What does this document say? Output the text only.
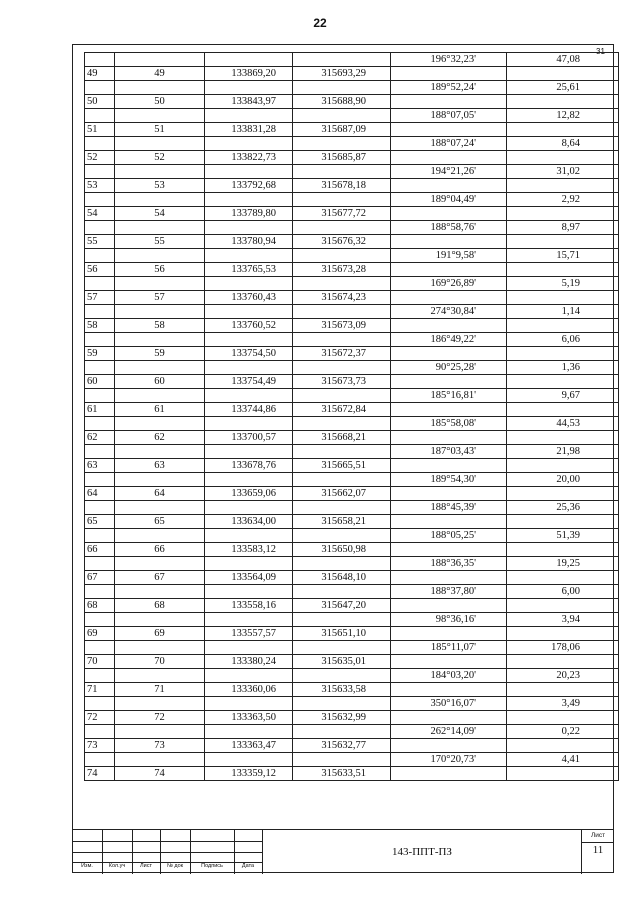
22
31
				196°32,23'	47,08
49	49	133869,20	315693,29		
				189°52,24'	25,61
50	50	133843,97	315688,90		
				188°07,05'	12,82
51	51	133831,28	315687,09		
				188°07,24'	8,64
52	52	133822,73	315685,87		
				194°21,26'	31,02
53	53	133792,68	315678,18		
				189°04,49'	2,92
54	54	133789,80	315677,72		
				188°58,76'	8,97
55	55	133780,94	315676,32		
				191°9,58'	15,71
56	56	133765,53	315673,28		
				169°26,89'	5,19
57	57	133760,43	315674,23		
				274°30,84'	1,14
58	58	133760,52	315673,09		
				186°49,22'	6,06
59	59	133754,50	315672,37		
				90°25,28'	1,36
60	60	133754,49	315673,73		
				185°16,81'	9,67
61	61	133744,86	315672,84		
				185°58,08'	44,53
62	62	133700,57	315668,21		
				187°03,43'	21,98
63	63	133678,76	315665,51		
				189°54,30'	20,00
64	64	133659,06	315662,07		
				188°45,39'	25,36
65	65	133634,00	315658,21		
				188°05,25'	51,39
66	66	133583,12	315650,98		
				188°36,35'	19,25
67	67	133564,09	315648,10		
				188°37,80'	6,00
68	68	133558,16	315647,20		
				98°36,16'	3,94
69	69	133557,57	315651,10		
				185°11,07'	178,06
70	70	133380,24	315635,01		
				184°03,20'	20,23
71	71	133360,06	315633,58		
				350°16,07'	3,49
72	72	133363,50	315632,99		
				262°14,09'	0,22
73	73	133363,47	315632,77		
				170°20,73'	4,41
74	74	133359,12	315633,51		
Изм.	Кол.уч	Лист	№ док	Подпись	Дата
143-ППТ-ПЗ
Лист
11
